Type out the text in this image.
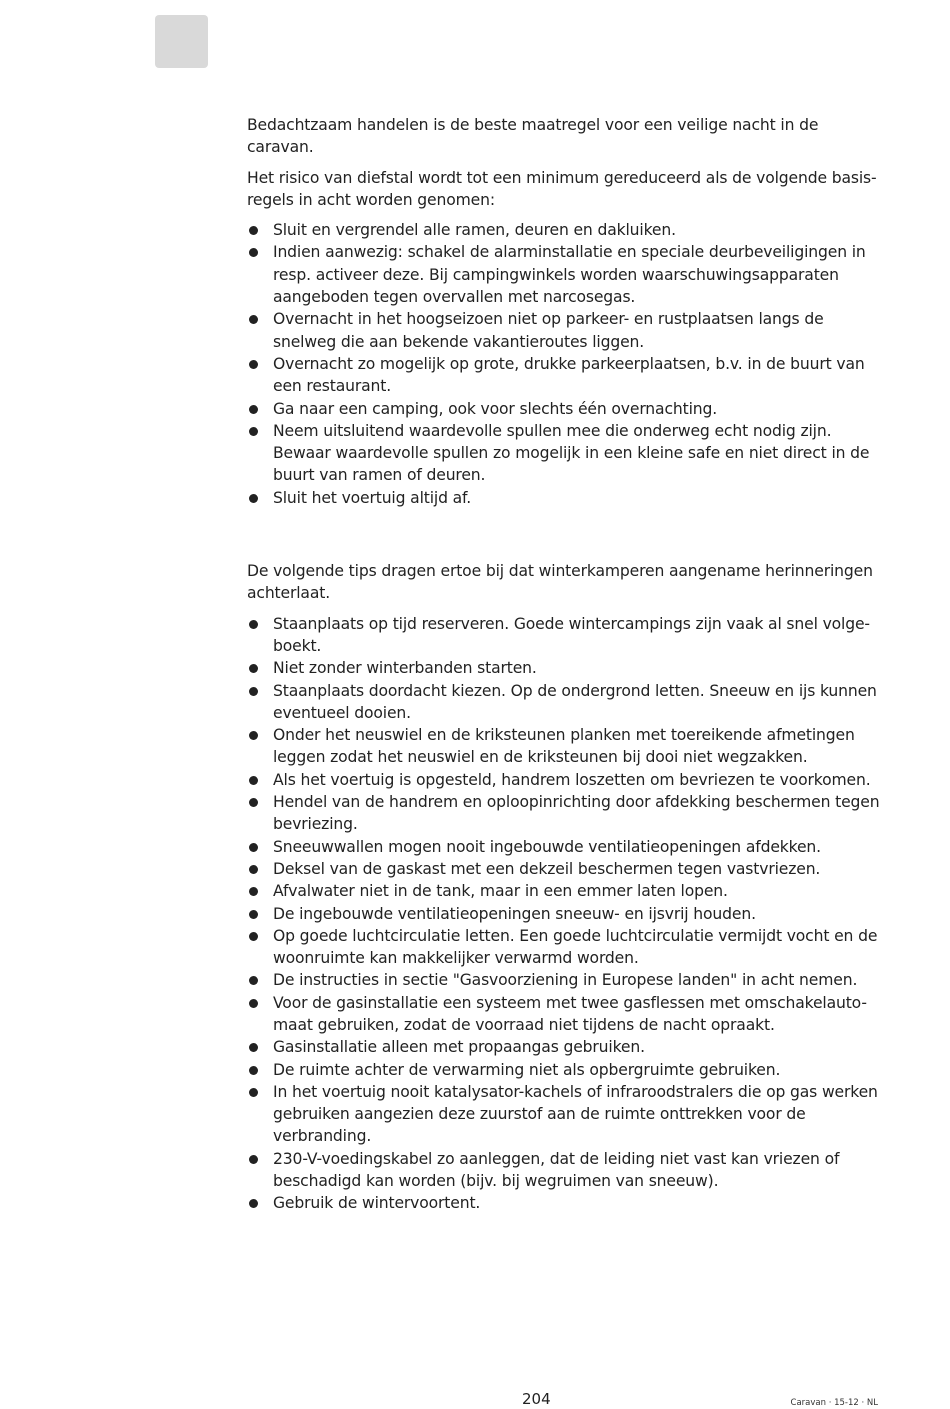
Bedachtzaam handelen is de beste maatregel voor een veilige nacht in de caravan.

Het risico van diefstal wordt tot een minimum gereduceerd als de volgende basis-regels in acht worden genomen:

Sluit en vergrendel alle ramen, deuren en dakluiken.
Indien aanwezig: schakel de alarminstallatie en speciale deurbeveiligingen in resp. activeer deze. Bij campingwinkels worden waarschuwingsapparaten aangeboden tegen overvallen met narcosegas.
Overnacht in het hoogseizoen niet op parkeer- en rustplaatsen langs de snelweg die aan bekende vakantieroutes liggen.
Overnacht zo mogelijk op grote, drukke parkeerplaatsen, b.v. in de buurt van een restaurant.
Ga naar een camping, ook voor slechts één overnachting.
Neem uitsluitend waardevolle spullen mee die onderweg echt nodig zijn. Bewaar waardevolle spullen zo mogelijk in een kleine safe en niet direct in de buurt van ramen of deuren.
Sluit het voertuig altijd af.

De volgende tips dragen ertoe bij dat winterkamperen aangename herinneringen achterlaat.

Staanplaats op tijd reserveren. Goede wintercampings zijn vaak al snel volge-boekt.
Niet zonder winterbanden starten.
Staanplaats doordacht kiezen. Op de ondergrond letten. Sneeuw en ijs kunnen eventueel dooien.
Onder het neuswiel en de kriksteunen planken met toereikende afmetingen leggen zodat het neuswiel en de kriksteunen bij dooi niet wegzakken.
Als het voertuig is opgesteld, handrem loszetten om bevriezen te voorkomen.
Hendel van de handrem en oploopinrichting door afdekking beschermen tegen bevriezing.
Sneeuwwallen mogen nooit ingebouwde ventilatieopeningen afdekken.
Deksel van de gaskast met een dekzeil beschermen tegen vastvriezen.
Afvalwater niet in de tank, maar in een emmer laten lopen.
De ingebouwde ventilatieopeningen sneeuw- en ijsvrij houden.
Op goede luchtcirculatie letten. Een goede luchtcirculatie vermijdt vocht en de woonruimte kan makkelijker verwarmd worden.
De instructies in sectie "Gasvoorziening in Europese landen" in acht nemen.
Voor de gasinstallatie een systeem met twee gasflessen met omschakelauto-maat gebruiken, zodat de voorraad niet tijdens de nacht opraakt.
Gasinstallatie alleen met propaangas gebruiken.
De ruimte achter de verwarming niet als opbergruimte gebruiken.
In het voertuig nooit katalysator-kachels of infraroodstralers die op gas werken gebruiken aangezien deze zuurstof aan de ruimte onttrekken voor de verbranding.
230-V-voedingskabel zo aanleggen, dat de leiding niet vast kan vriezen of beschadigd kan worden (bijv. bij wegruimen van sneeuw).
Gebruik de wintervoortent.
204	Caravan · 15-12 · NL
